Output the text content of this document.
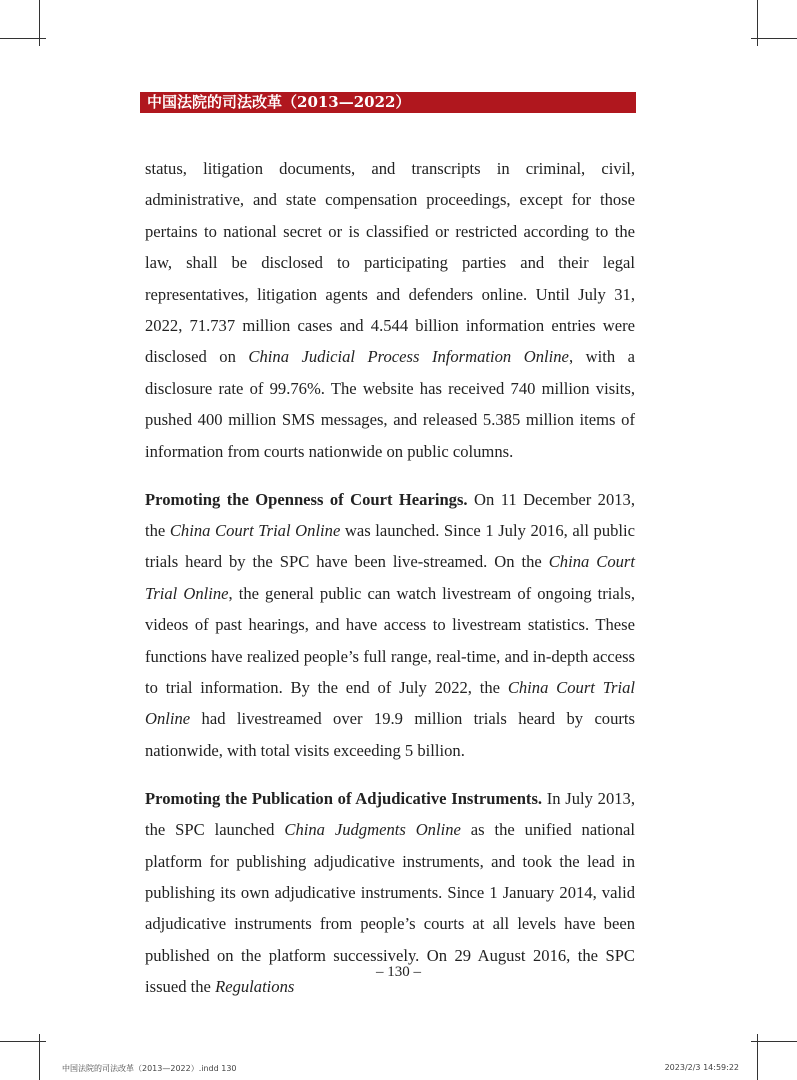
中国法院的司法改革（2013—2022）

status, litigation documents, and transcripts in criminal, civil, administrative, and state compensation proceedings, except for those pertains to national secret or is classified or restricted according to the law, shall be disclosed to participating parties and their legal representatives, litigation agents and defenders online. Until July 31, 2022, 71.737 million cases and 4.544 billion information entries were disclosed on China Judicial Process Information Online, with a disclosure rate of 99.76%. The website has received 740 million visits, pushed 400 million SMS messages, and released 5.385 million items of information from courts nationwide on public columns.

Promoting the Openness of Court Hearings. On 11 December 2013, the China Court Trial Online was launched. Since 1 July 2016, all public trials heard by the SPC have been live-streamed. On the China Court Trial Online, the general public can watch livestream of ongoing trials, videos of past hearings, and have access to livestream statistics. These functions have realized people’s full range, real-time, and in-depth access to trial information. By the end of July 2022, the China Court Trial Online had livestreamed over 19.9 million trials heard by courts nationwide, with total visits exceeding 5 billion.

Promoting the Publication of Adjudicative Instruments. In July 2013, the SPC launched China Judgments Online as the unified national platform for publishing adjudicative instruments, and took the lead in publishing its own adjudicative instruments. Since 1 January 2014, valid adjudicative instruments from people’s courts at all levels have been published on the platform successively. On 29 August 2016, the SPC issued the Regulations

– 130 –
中国法院的司法改革（2013—2022）.indd 130	2023/2/3 14:59:22
